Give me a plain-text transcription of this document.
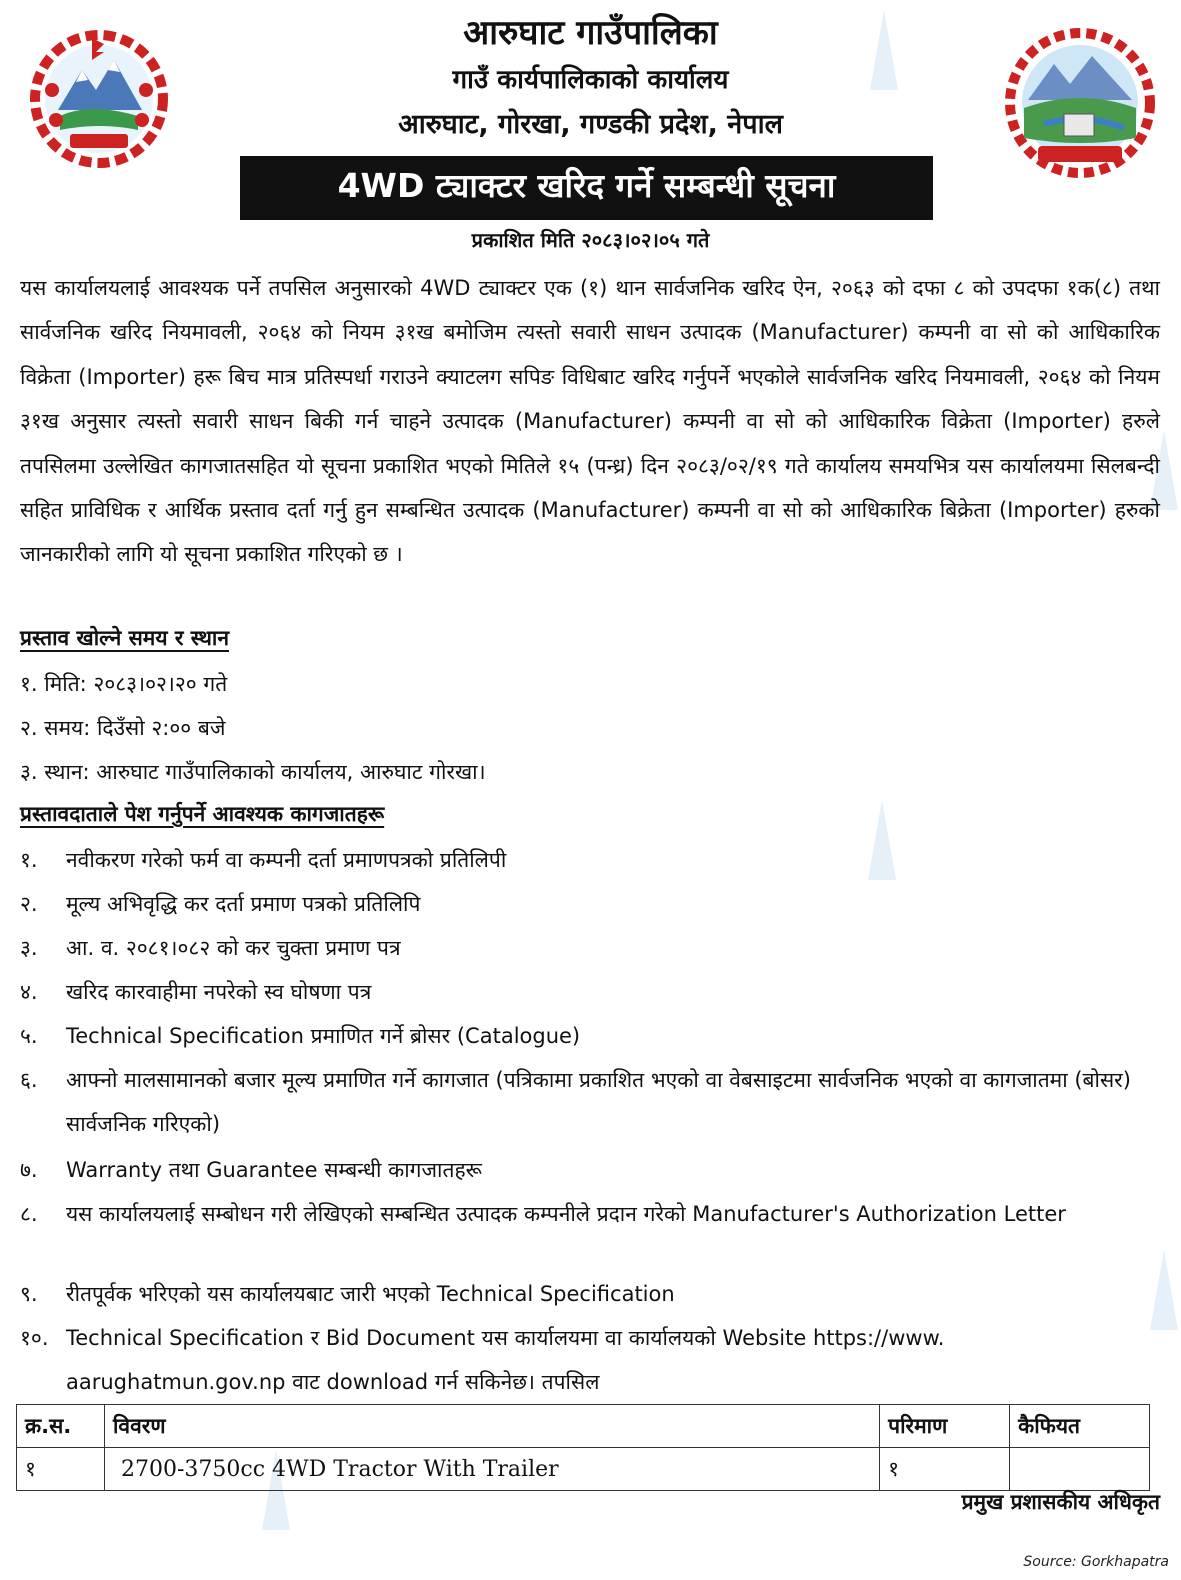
आरुघाट गाउँपालिका
गाउँ कार्यपालिकाको कार्यालय
आरुघाट, गोरखा, गण्डकी प्रदेश, नेपाल
4WD ट्याक्टर खरिद गर्ने सम्बन्धी सूचना
प्रकाशित मिति २०८३।०२।०५ गते
यस कार्यालयलाई आवश्यक पर्ने तपसिल अनुसारको 4WD ट्याक्टर एक (१) थान सार्वजनिक खरिद ऐन, २०६३ को दफा ८ को उपदफा १क(८) तथा सार्वजनिक खरिद नियमावली, २०६४ को नियम ३१ख बमोजिम त्यस्तो सवारी साधन उत्पादक (Manufacturer) कम्पनी वा सो को आधिकारिक विक्रेता (Importer) हरू बिच मात्र प्रतिस्पर्धा गराउने क्याटलग सपिङ विधिबाट खरिद गर्नुपर्ने भएकोले सार्वजनिक खरिद नियमावली, २०६४ को नियम ३१ख अनुसार त्यस्तो सवारी साधन बिकी गर्न चाहने उत्पादक (Manufacturer) कम्पनी वा सो को आधिकारिक विक्रेता (Importer) हरुले तपसिलमा उल्लेखित कागजातसहित यो सूचना प्रकाशित भएको मितिले १५ (पन्ध्र) दिन २०८३/०२/१९ गते कार्यालय समयभित्र यस कार्यालयमा सिलबन्दी सहित प्राविधिक र आर्थिक प्रस्ताव दर्ता गर्नु हुन सम्बन्धित उत्पादक (Manufacturer) कम्पनी वा सो को आधिकारिक बिक्रेता (Importer) हरुको जानकारीको लागि यो सूचना प्रकाशित गरिएको छ ।
प्रस्ताव खोल्ने समय र स्थान
१. मिति: २०८३।०२।२० गते
२. समय: दिउँसो २:०० बजे
३. स्थान: आरुघाट गाउँपालिकाको कार्यालय, आरुघाट गोरखा।
प्रस्तावदाताले पेश गर्नुपर्ने आवश्यक कागजातहरू
१.	नवीकरण गरेको फर्म वा कम्पनी दर्ता प्रमाणपत्रको प्रतिलिपी
२.	मूल्य अभिवृद्धि कर दर्ता प्रमाण पत्रको प्रतिलिपि
३.	आ. व. २०८१।०८२ को कर चुक्ता प्रमाण पत्र
४.	खरिद कारवाहीमा नपरेको स्व घोषणा पत्र
५.	Technical Specification प्रमाणित गर्ने ब्रोसर (Catalogue)
६.	आफ्नो मालसामानको बजार मूल्य प्रमाणित गर्ने कागजात (पत्रिकामा प्रकाशित भएको वा वेबसाइटमा सार्वजनिक भएको वा कागजातमा (बोसर) सार्वजनिक गरिएको)
७.	Warranty तथा Guarantee सम्बन्धी कागजातहरू
८.	यस कार्यालयलाई सम्बोधन गरी लेखिएको सम्बन्धित उत्पादक कम्पनीले प्रदान गरेको Manufacturer's Authorization Letter
९.	रीतपूर्वक भरिएको यस कार्यालयबाट जारी भएको Technical Specification
१०. Technical Specification र Bid Document यस कार्यालयमा वा कार्यालयको Website https://www. aarughatmun.gov.np वाट download गर्न सकिनेछ। तपसिल
क्र.स.	विवरण	परिमाण	कैफियत
१	2700-3750cc 4WD Tractor With Trailer	१	
प्रमुख प्रशासकीय अधिकृत
Source: Gorkhapatra
